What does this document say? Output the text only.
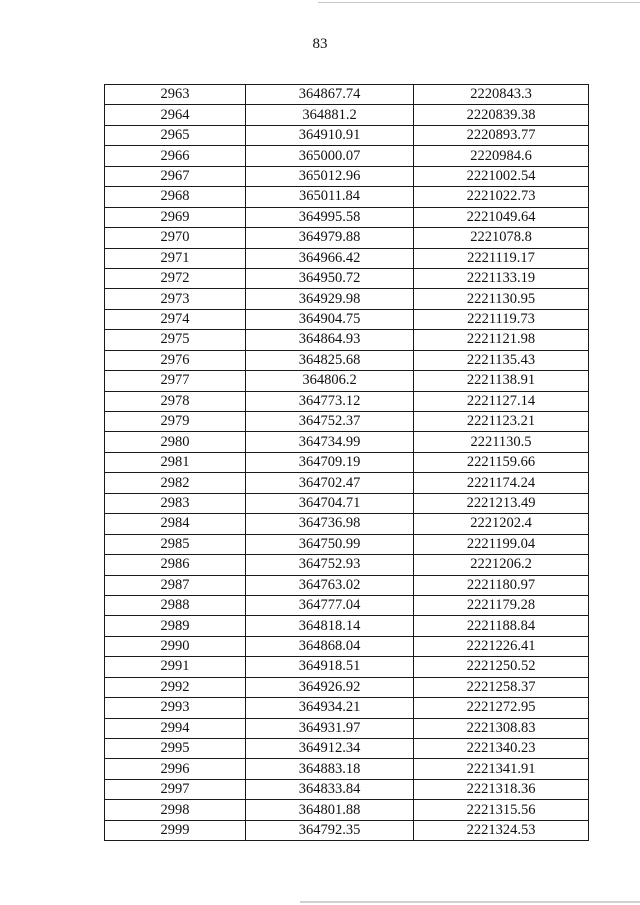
83
2963	364867.74	2220843.3
2964	364881.2	2220839.38
2965	364910.91	2220893.77
2966	365000.07	2220984.6
2967	365012.96	2221002.54
2968	365011.84	2221022.73
2969	364995.58	2221049.64
2970	364979.88	2221078.8
2971	364966.42	2221119.17
2972	364950.72	2221133.19
2973	364929.98	2221130.95
2974	364904.75	2221119.73
2975	364864.93	2221121.98
2976	364825.68	2221135.43
2977	364806.2	2221138.91
2978	364773.12	2221127.14
2979	364752.37	2221123.21
2980	364734.99	2221130.5
2981	364709.19	2221159.66
2982	364702.47	2221174.24
2983	364704.71	2221213.49
2984	364736.98	2221202.4
2985	364750.99	2221199.04
2986	364752.93	2221206.2
2987	364763.02	2221180.97
2988	364777.04	2221179.28
2989	364818.14	2221188.84
2990	364868.04	2221226.41
2991	364918.51	2221250.52
2992	364926.92	2221258.37
2993	364934.21	2221272.95
2994	364931.97	2221308.83
2995	364912.34	2221340.23
2996	364883.18	2221341.91
2997	364833.84	2221318.36
2998	364801.88	2221315.56
2999	364792.35	2221324.53
